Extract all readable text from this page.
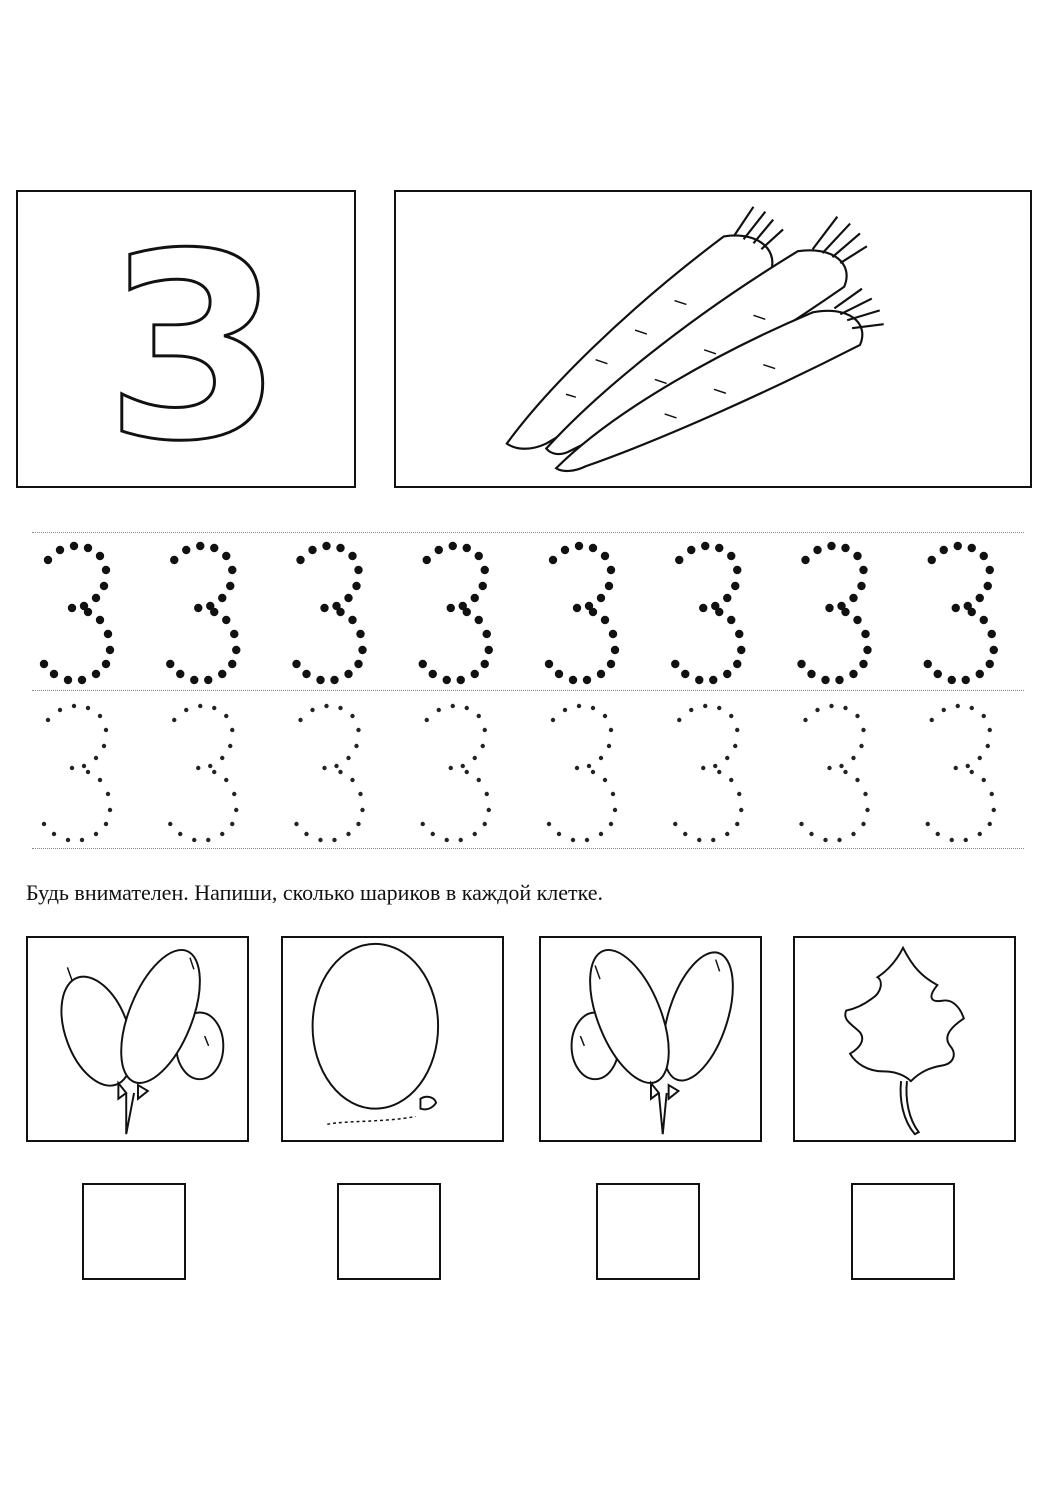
3
Будь внимателен. Напиши, сколько шариков в каждой клетке.
